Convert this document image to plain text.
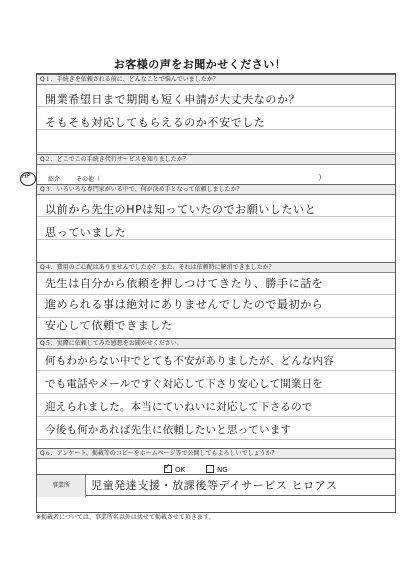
お客様の声をお聞かせください！
Q１．手続きを依頼される前に、どんなことで悩んでいましたか？
開業希望日まで期間も短く申請が大丈夫なのか？
そもそも対応してもらえるのか不安でした
Q２．どこでこの手続き代行サービスを知りましたか？
Q３．いろいろな専門家がいる中で、何が決め手となって依頼しましたか？
以前から先生のHPは知っていたのでお願いしたいと
思っていました
Q４．費用のご心配はありませんでしたか？ また、それは依頼時に解消できましたか？
先生は自分から依頼を押しつけてきたり、勝手に話を
進められる事は絶対にありませんでしたので最初から
安心して依頼できました
Q５．実際に依頼してみた感想をお聞かせください。
何もわからない中でとても不安がありましたが、どんな内容
でも電話やメールですぐ対応して下さり安心して開業日を
迎えられました。本当にていねいに対応して下さるので
今後も何かあれば先生に依頼したいと思っています
Q６．アンケート、掲載等のコピーをホームページ等で公開してもよろしいでしょうか？
事業所	児童発達支援・放課後等デイサービス ヒロアス
HP	紹介	その他（	）
✓OK	NG
※掲載者については、事業所名以外は伏せて掲載させて頂きます。
